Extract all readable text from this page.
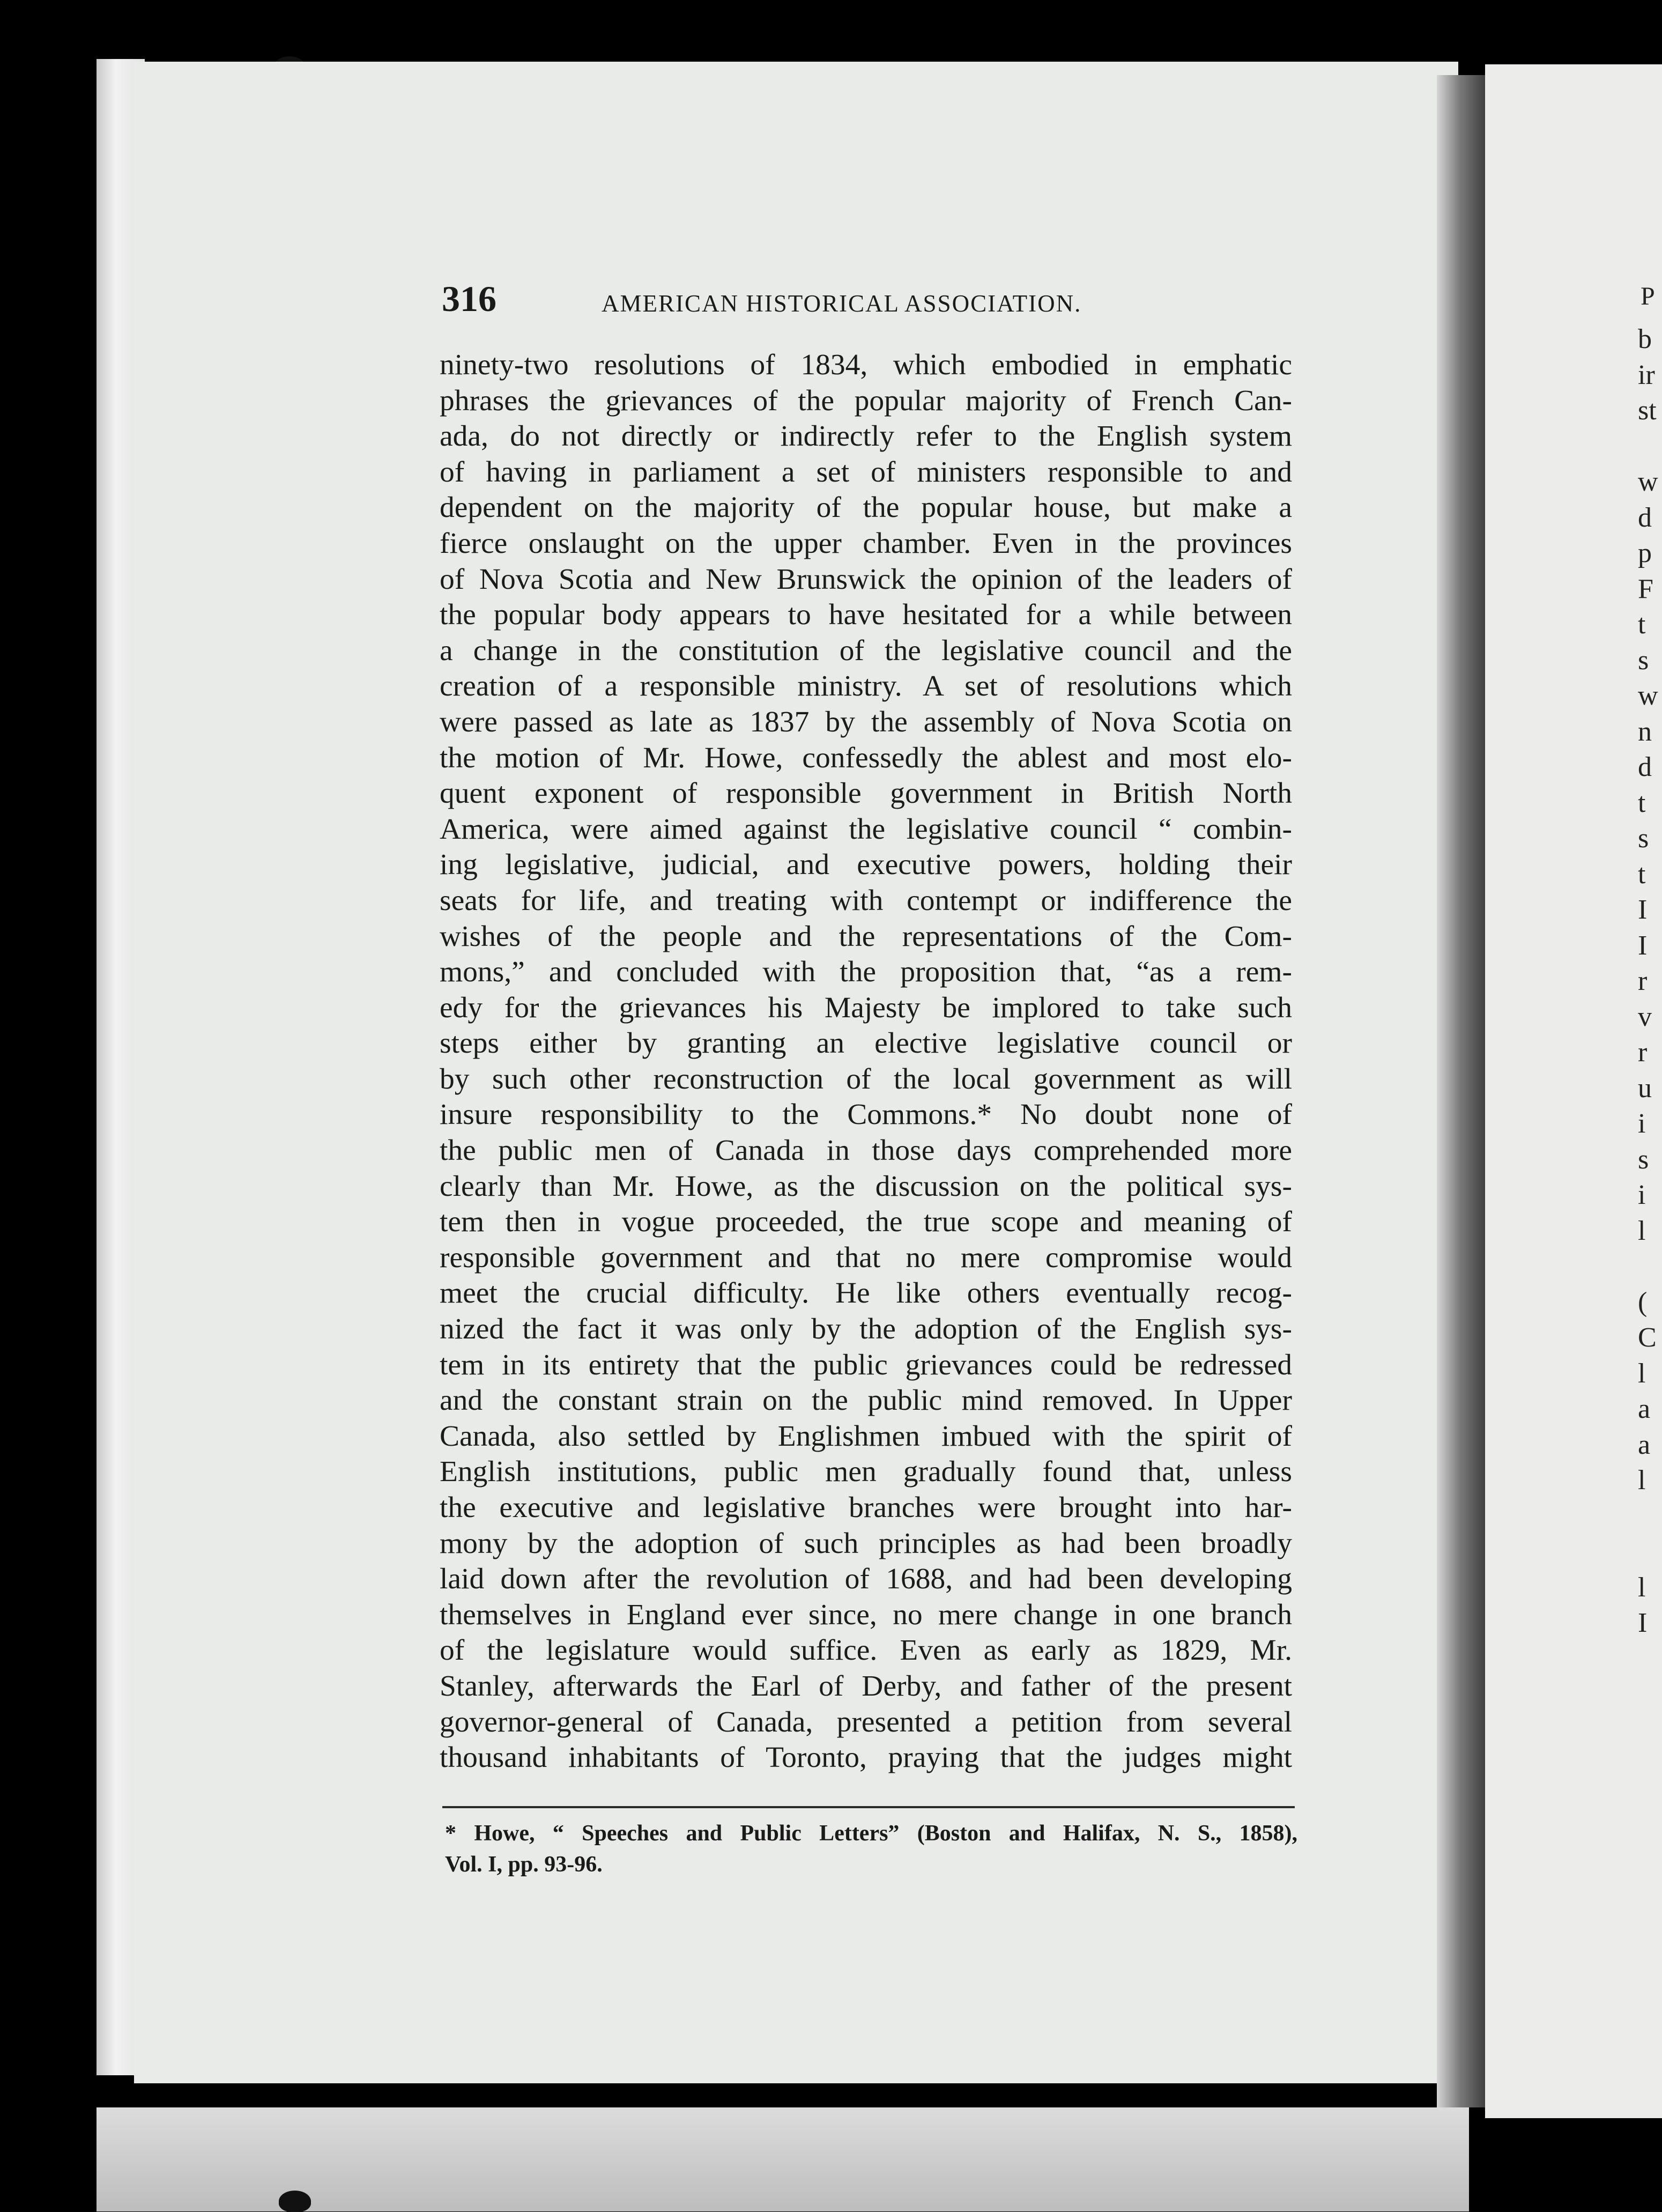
P
b
ir
st
w
d
p
F
t
s
w
n
d
t
s
t
I
I
r
v
r
u
i
s
i
l
(
C
l
a
a
l
l
I
316	AMERICAN HISTORICAL ASSOCIATION.
ninety-two resolutions of 1834, which embodied in emphatic
phrases the grievances of the popular majority of French Can-
ada, do not directly or indirectly refer to the English system
of having in parliament a set of ministers responsible to and
dependent on the majority of the popular house, but make a
fierce onslaught on the upper chamber. Even in the provinces
of Nova Scotia and New Brunswick the opinion of the leaders of
the popular body appears to have hesitated for a while between
a change in the constitution of the legislative council and the
creation of a responsible ministry. A set of resolutions which
were passed as late as 1837 by the assembly of Nova Scotia on
the motion of Mr. Howe, confessedly the ablest and most elo-
quent exponent of responsible government in British North
America, were aimed against the legislative council “ combin-
ing legislative, judicial, and executive powers, holding their
seats for life, and treating with contempt or indifference the
wishes of the people and the representations of the Com-
mons,” and concluded with the proposition that, “as a rem-
edy for the grievances his Majesty be implored to take such
steps either by granting an elective legislative council or
by such other reconstruction of the local government as will
insure responsibility to the Commons.* No doubt none of
the public men of Canada in those days comprehended more
clearly than Mr. Howe, as the discussion on the political sys-
tem then in vogue proceeded, the true scope and meaning of
responsible government and that no mere compromise would
meet the crucial difficulty. He like others eventually recog-
nized the fact it was only by the adoption of the English sys-
tem in its entirety that the public grievances could be redressed
and the constant strain on the public mind removed. In Upper
Canada, also settled by Englishmen imbued with the spirit of
English institutions, public men gradually found that, unless
the executive and legislative branches were brought into har-
mony by the adoption of such principles as had been broadly
laid down after the revolution of 1688, and had been developing
themselves in England ever since, no mere change in one branch
of the legislature would suffice. Even as early as 1829, Mr.
Stanley, afterwards the Earl of Derby, and father of the present
governor-general of Canada, presented a petition from several
thousand inhabitants of Toronto, praying that the judges might
* Howe, “ Speeches and Public Letters” (Boston and Halifax, N. S., 1858),
Vol. I, pp. 93-96.
